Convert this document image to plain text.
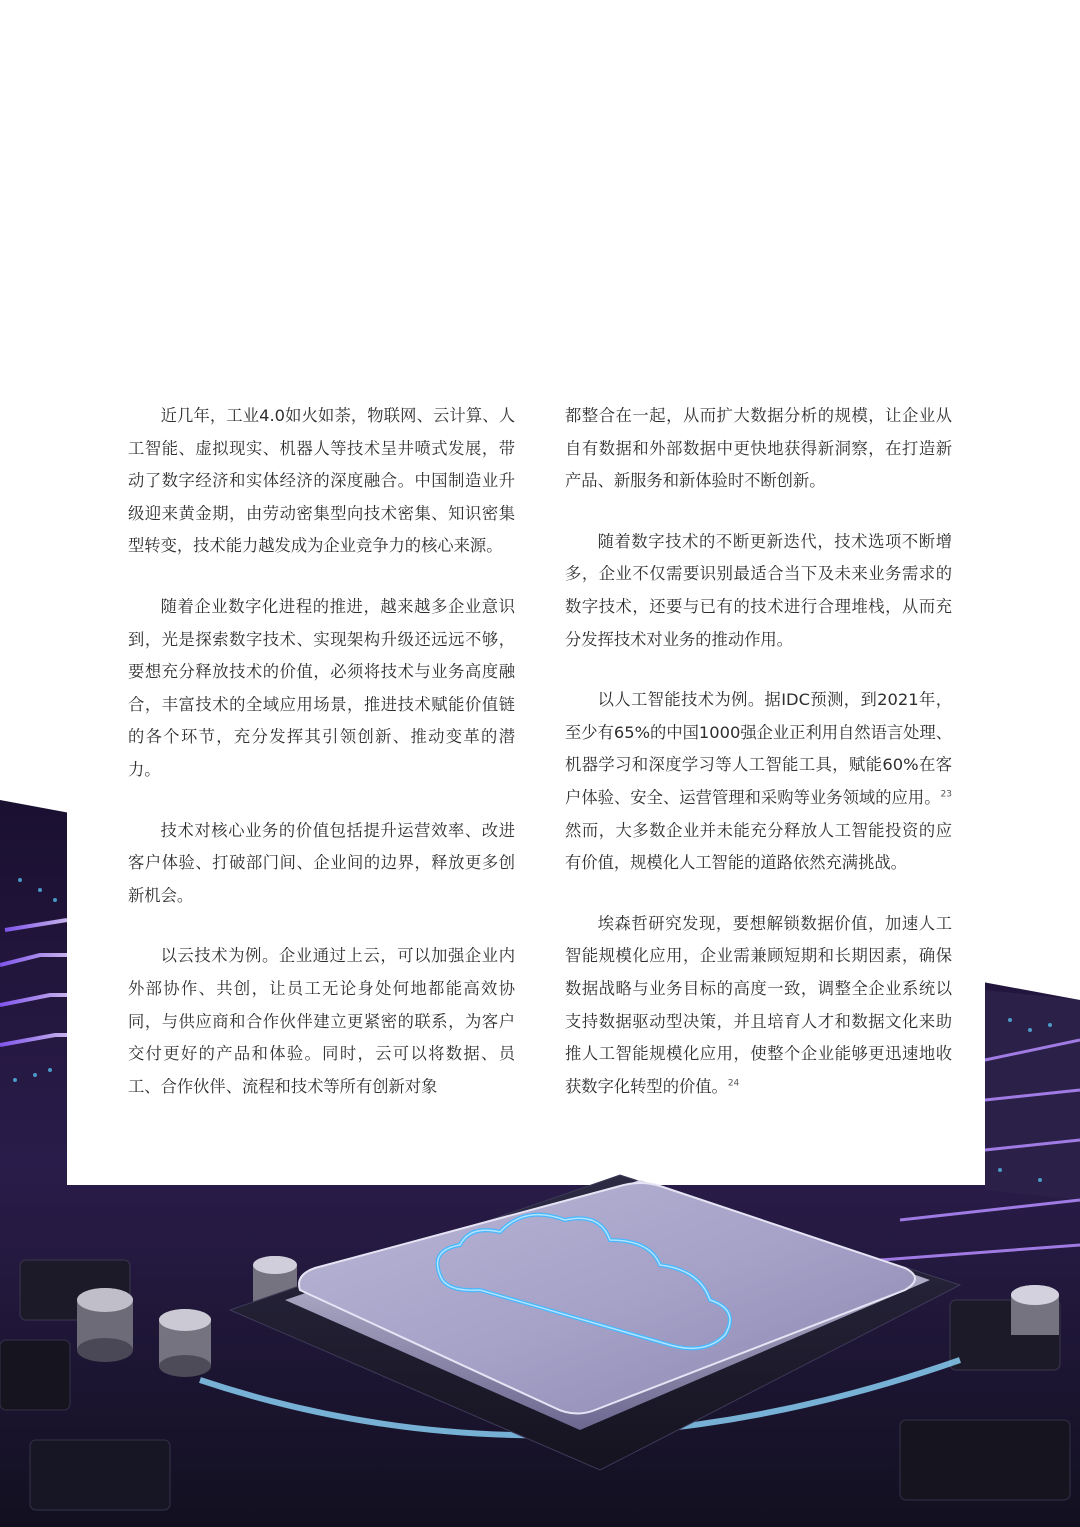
近几年，工业4.0如火如荼，物联网、云计算、人工智能、虚拟现实、机器人等技术呈井喷式发展，带动了数字经济和实体经济的深度融合。中国制造业升级迎来黄金期，由劳动密集型向技术密集、知识密集型转变，技术能力越发成为企业竞争力的核心来源。

随着企业数字化进程的推进，越来越多企业意识到，光是探索数字技术、实现架构升级还远远不够，要想充分释放技术的价值，必须将技术与业务高度融合，丰富技术的全域应用场景，推进技术赋能价值链的各个环节，充分发挥其引领创新、推动变革的潜力。

技术对核心业务的价值包括提升运营效率、改进客户体验、打破部门间、企业间的边界，释放更多创新机会。

以云技术为例。企业通过上云，可以加强企业内外部协作、共创，让员工无论身处何地都能高效协同，与供应商和合作伙伴建立更紧密的联系，为客户交付更好的产品和体验。同时，云可以将数据、员工、合作伙伴、流程和技术等所有创新对象

都整合在一起，从而扩大数据分析的规模，让企业从自有数据和外部数据中更快地获得新洞察，在打造新产品、新服务和新体验时不断创新。

随着数字技术的不断更新迭代，技术选项不断增多，企业不仅需要识别最适合当下及未来业务需求的数字技术，还要与已有的技术进行合理堆栈，从而充分发挥技术对业务的推动作用。

以人工智能技术为例。据IDC预测，到2021年，至少有65%的中国1000强企业正利用自然语言处理、机器学习和深度学习等人工智能工具，赋能60%在客户体验、安全、运营管理和采购等业务领域的应用。$^{23}$ 然而，大多数企业并未能充分释放人工智能投资的应有价值，规模化人工智能的道路依然充满挑战。

埃森哲研究发现，要想解锁数据价值，加速人工智能规模化应用，企业需兼顾短期和长期因素，确保数据战略与业务目标的高度一致，调整全企业系统以支持数据驱动型决策，并且培育人才和数据文化来助推人工智能规模化应用，使整个企业能够更迅速地收获数字化转型的价值。$^{24}$
